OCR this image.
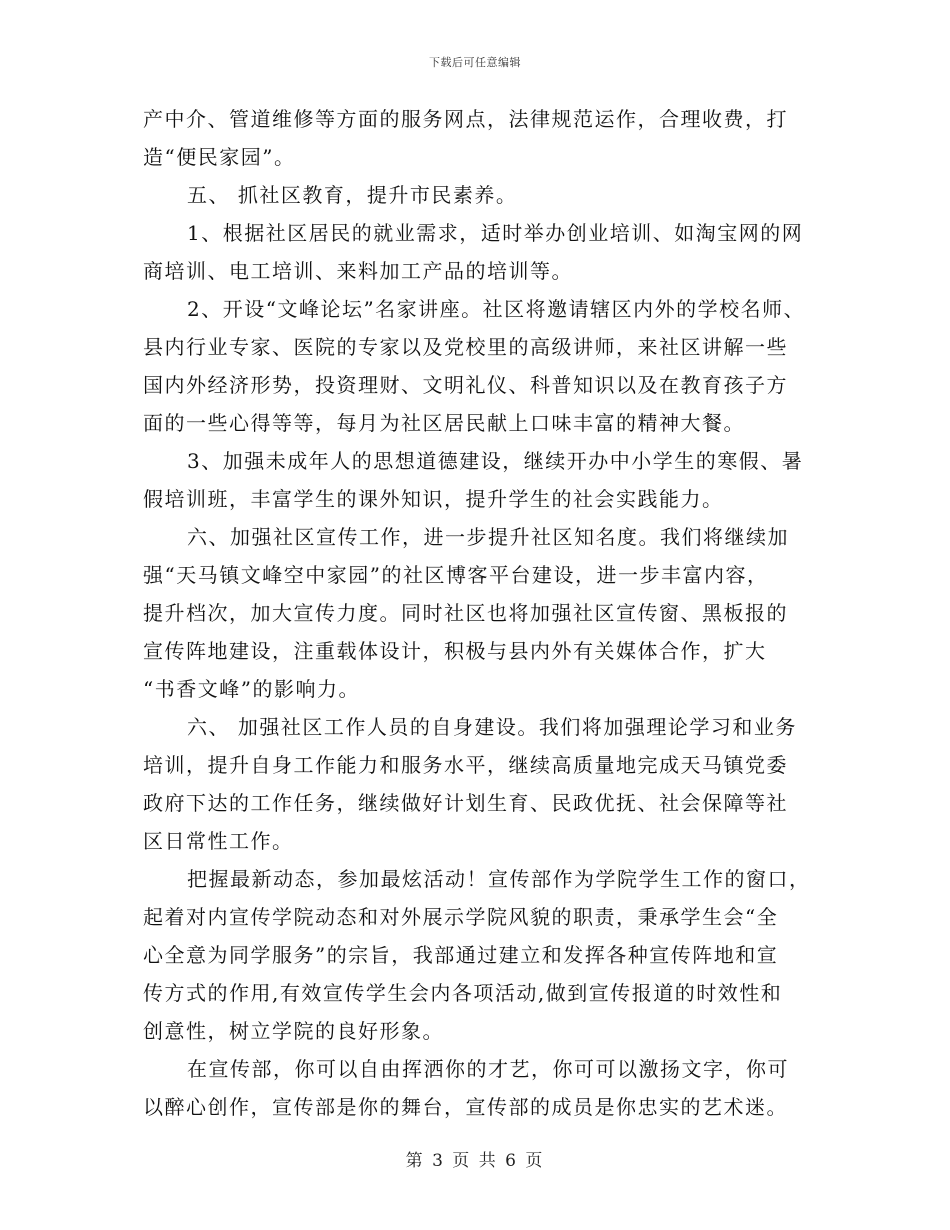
下载后可任意编辑
产中介、管道维修等方面的服务网点，法律规范运作，合理收费，打
造“便民家园”。
五、 抓社区教育，提升市民素养。
1、根据社区居民的就业需求，适时举办创业培训、如淘宝网的网
商培训、电工培训、来料加工产品的培训等。
2、开设“文峰论坛”名家讲座。社区将邀请辖区内外的学校名师、
县内行业专家、医院的专家以及党校里的高级讲师，来社区讲解一些
国内外经济形势，投资理财、文明礼仪、科普知识以及在教育孩子方
面的一些心得等等，每月为社区居民献上口味丰富的精神大餐。
3、加强未成年人的思想道德建设，继续开办中小学生的寒假、暑
假培训班，丰富学生的课外知识，提升学生的社会实践能力。
六、加强社区宣传工作，进一步提升社区知名度。我们将继续加
强“天马镇文峰空中家园”的社区博客平台建设，进一步丰富内容，
提升档次，加大宣传力度。同时社区也将加强社区宣传窗、黑板报的
宣传阵地建设，注重载体设计，积极与县内外有关媒体合作，扩大
“书香文峰”的影响力。
六、 加强社区工作人员的自身建设。我们将加强理论学习和业务
培训，提升自身工作能力和服务水平，继续高质量地完成天马镇党委
政府下达的工作任务，继续做好计划生育、民政优抚、社会保障等社
区日常性工作。
把握最新动态，参加最炫活动！宣传部作为学院学生工作的窗口，
起着对内宣传学院动态和对外展示学院风貌的职责，秉承学生会“全
心全意为同学服务”的宗旨，我部通过建立和发挥各种宣传阵地和宣
传方式的作用,有效宣传学生会内各项活动,做到宣传报道的时效性和
创意性，树立学院的良好形象。
在宣传部，你可以自由挥洒你的才艺，你可可以激扬文字，你可
以醉心创作，宣传部是你的舞台，宣传部的成员是你忠实的艺术迷。
第 3 页 共 6 页
